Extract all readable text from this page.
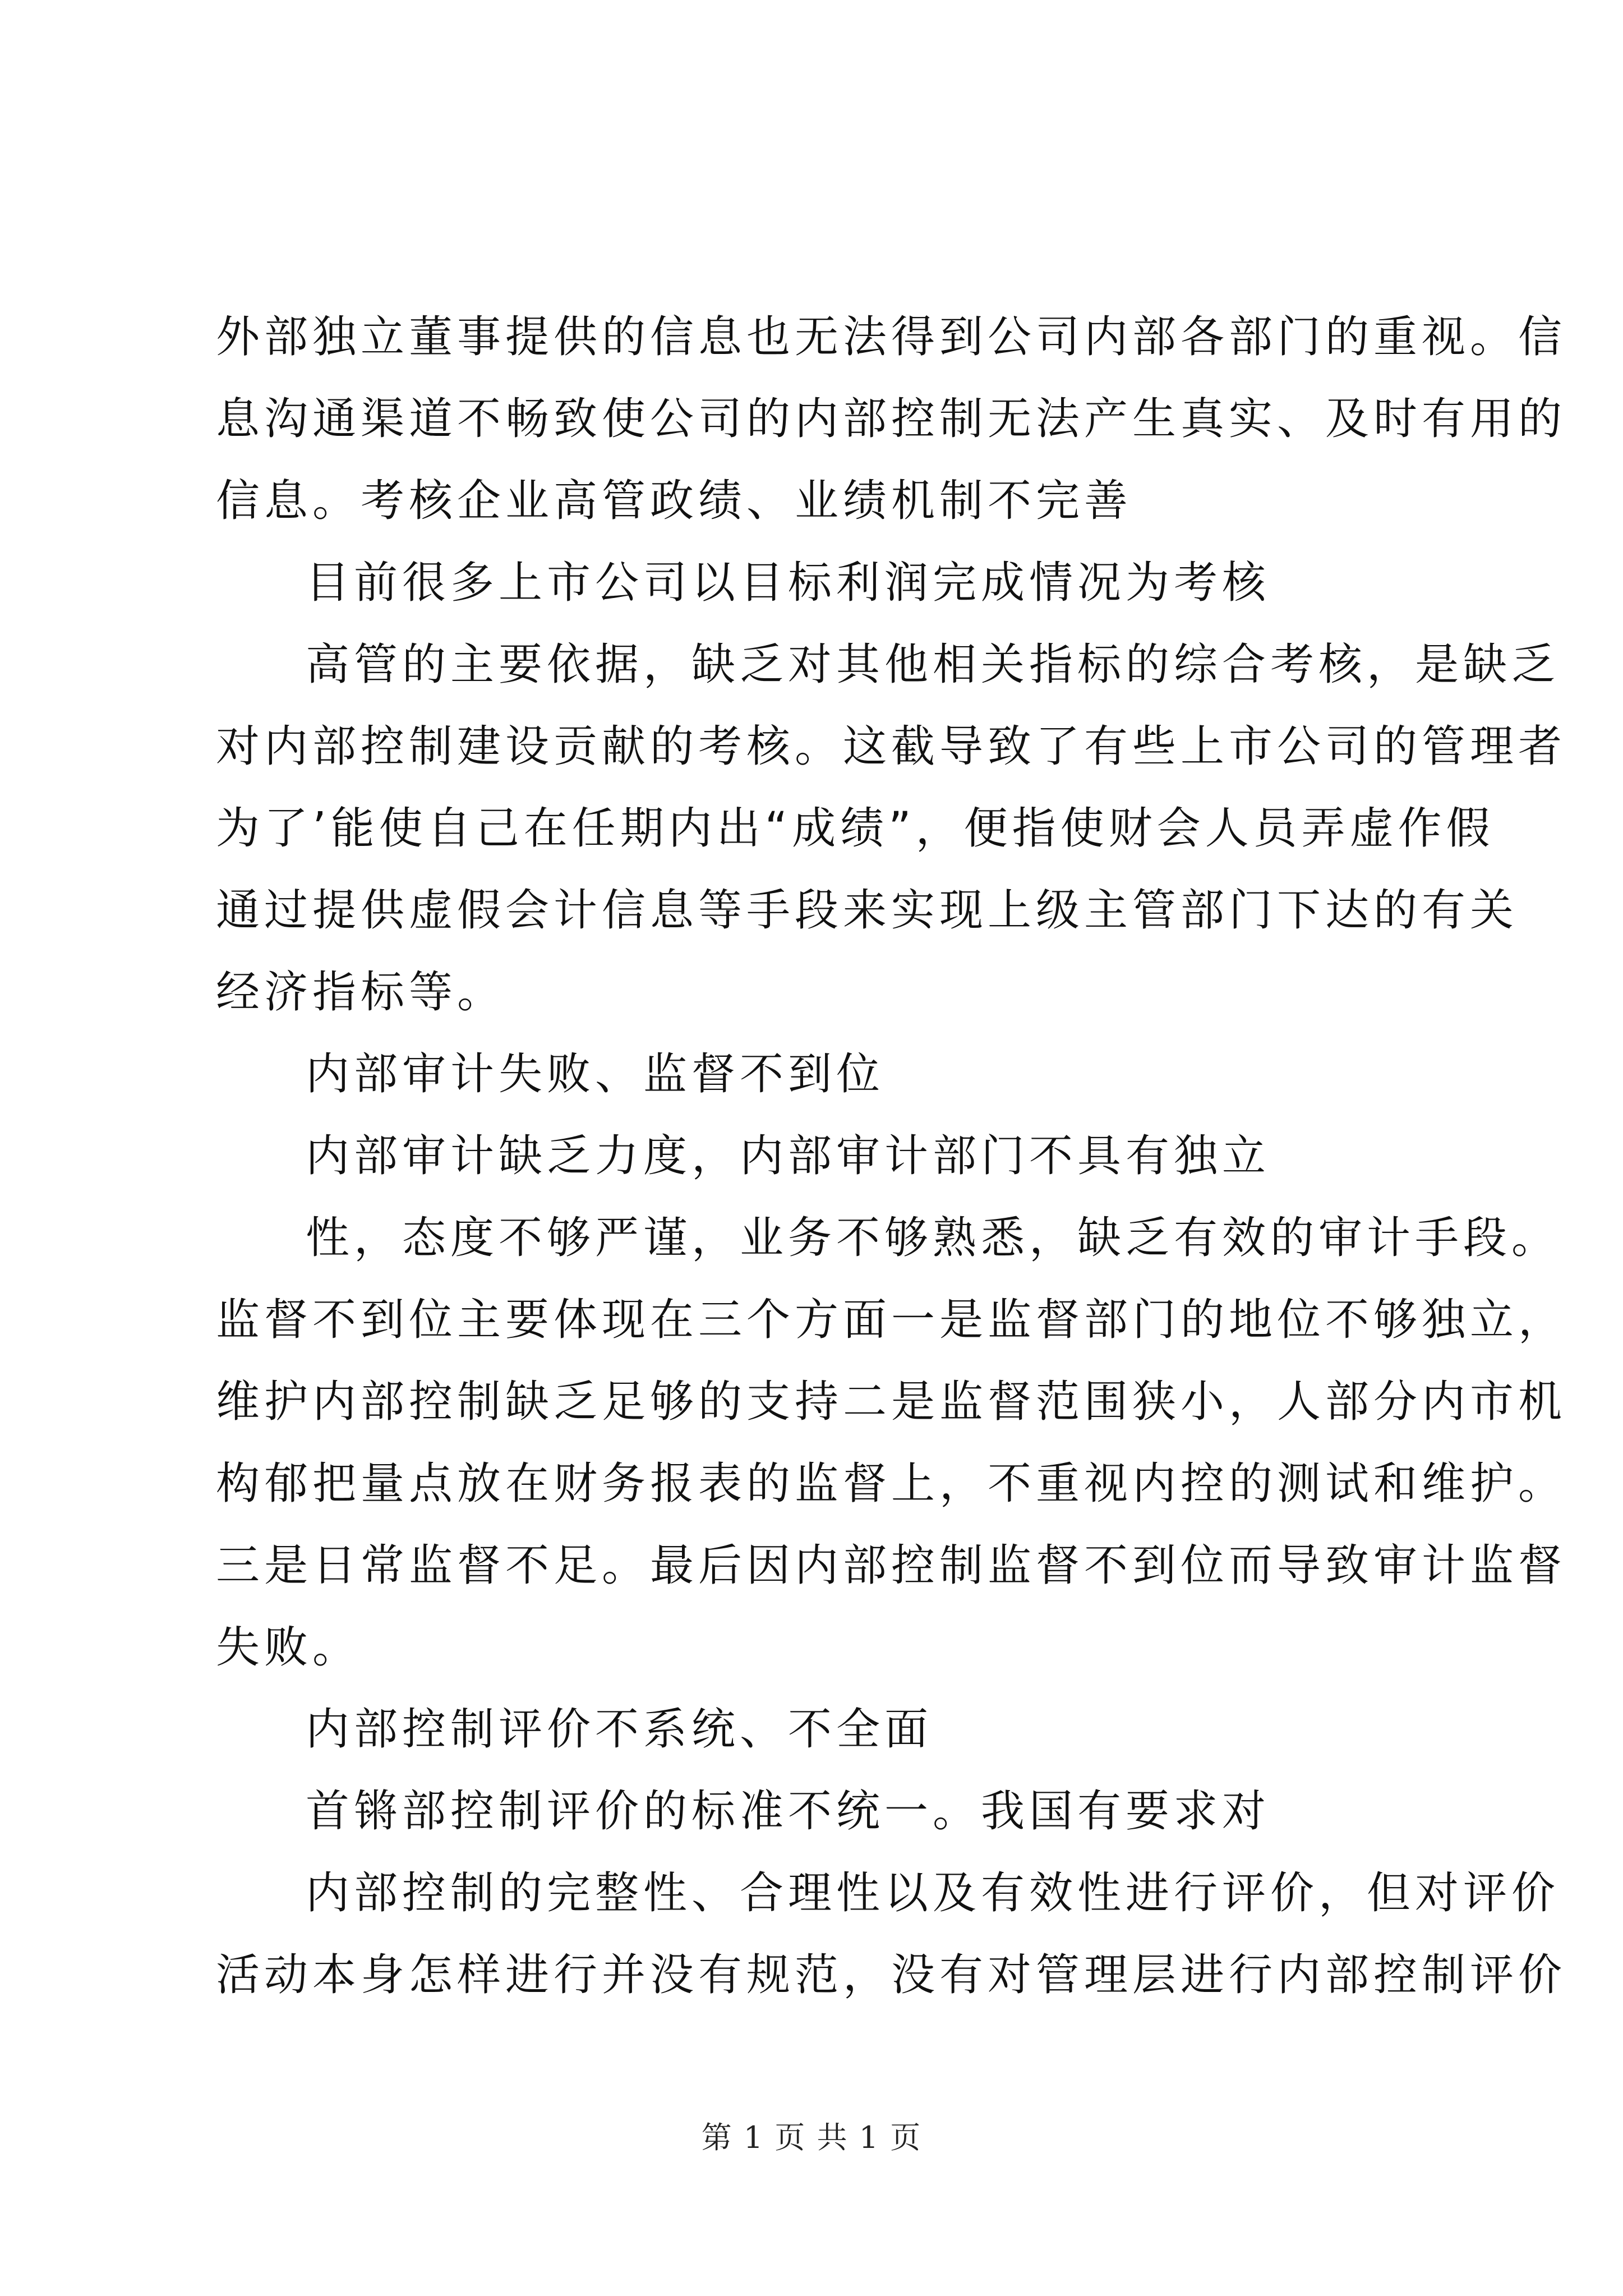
外部独立董事提供的信息也无法得到公司内部各部门的重视。信
息沟通渠道不畅致使公司的内部控制无法产生真实、及时有用的
信息。考核企业高管政绩、业绩机制不完善
目前很多上市公司以目标利润完成情况为考核
高管的主要依据，缺乏对其他相关指标的综合考核，是缺乏
对内部控制建设贡献的考核。这截导致了有些上市公司的管理者
为了’能使自己在任期内出“成绩”，便指使财会人员弄虚作假
通过提供虚假会计信息等手段来实现上级主管部门下达的有关
经济指标等。
内部审计失败、监督不到位
内部审计缺乏力度，内部审计部门不具有独立
性，态度不够严谨，业务不够熟悉，缺乏有效的审计手段。
监督不到位主要体现在三个方面一是监督部门的地位不够独立，
维护内部控制缺乏足够的支持二是监督范围狭小，人部分内市机
构郁把量点放在财务报表的监督上，不重视内控的测试和维护。
三是日常监督不足。最后因内部控制监督不到位而导致审计监督
失败。
内部控制评价不系统、不全面
首锵部控制评价的标准不统一。我国有要求对
内部控制的完整性、合理性以及有效性进行评价，但对评价
活动本身怎样进行并没有规范，没有对管理层进行内部控制评价
第 1 页 共 1 页
